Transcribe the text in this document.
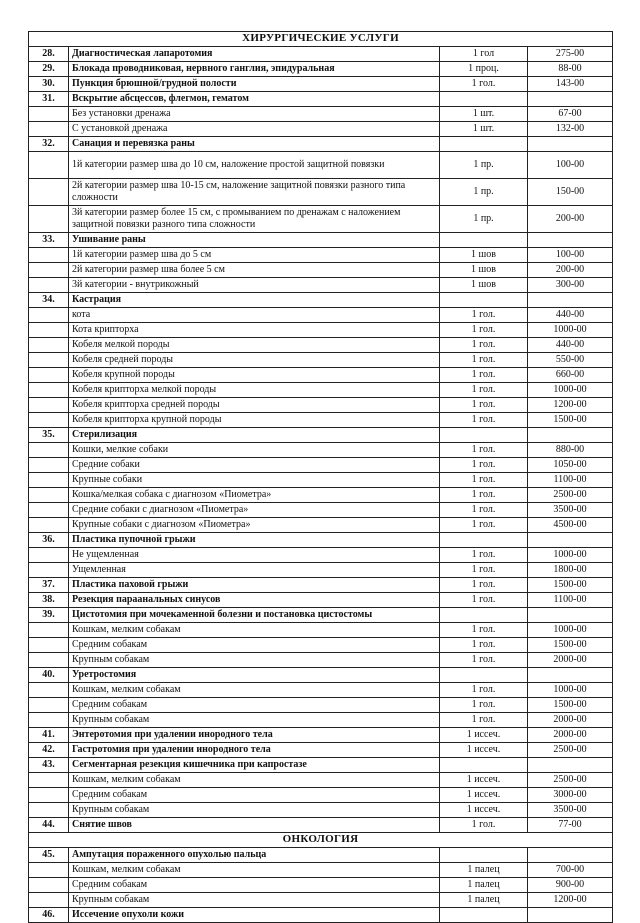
ХИРУРГИЧЕСКИЕ УСЛУГИ			
28.	Диагностическая лапаротомия	1 гол	275-00
29.	Блокада проводниковая, нервного ганглия, эпидуральная	1 проц.	88-00
30.	Пункция брюшной/грудной полости	1 гол.	143-00
31.	Вскрытие абсцессов, флегмон, гематом		
	Без установки дренажа	1 шт.	67-00
	С установкой дренажа	1 шт.	132-00
32.	Санация и перевязка раны		
	1й категории размер шва до 10 см, наложение простой защитной повязки	1 пр.	100-00
	2й категории размер шва 10-15 см, наложение защитной повязки разного типа сложности	1 пр.	150-00
	3й категории размер более 15 см, с промыванием по дренажам с наложением защитной повязки разного типа сложности	1 пр.	200-00
33.	Ушивание раны		
	1й категории размер шва до 5 см	1 шов	100-00
	2й категории размер шва более 5 см	1 шов	200-00
	3й категории - внутрикожный	1 шов	300-00
34.	Кастрация		
	кота	1 гол.	440-00
	Кота крипторха	1 гол.	1000-00
	Кобеля мелкой породы	1 гол.	440-00
	Кобеля средней породы	1 гол.	550-00
	Кобеля крупной породы	1 гол.	660-00
	Кобеля крипторха мелкой породы	1 гол.	1000-00
	Кобеля крипторха средней породы	1 гол.	1200-00
	Кобеля крипторха крупной породы	1 гол.	1500-00
35.	Стерилизация		
	Кошки, мелкие собаки	1 гол.	880-00
	Средние собаки	1 гол.	1050-00
	Крупные собаки	1 гол.	1100-00
	Кошка/мелкая собака с диагнозом «Пиометра»	1 гол.	2500-00
	Средние собаки с диагнозом «Пиометра»	1 гол.	3500-00
	Крупные собаки с диагнозом «Пиометра»	1 гол.	4500-00
36.	Пластика пупочной грыжи		
	Не ущемленная	1 гол.	1000-00
	Ущемленная	1 гол.	1800-00
37.	Пластика паховой грыжи	1 гол.	1500-00
38.	Резекция параанальных синусов	1 гол.	1100-00
39.	Цистотомия при мочекаменной болезни и постановка цистостомы		
	Кошкам, мелким собакам	1 гол.	1000-00
	Средним собакам	1 гол.	1500-00
	Крупным собакам	1 гол.	2000-00
40.	Уретростомия		
	Кошкам, мелким собакам	1 гол.	1000-00
	Средним собакам	1 гол.	1500-00
	Крупным собакам	1 гол.	2000-00
41.	Энтеротомия при удалении инородного тела	1 иссеч.	2000-00
42.	Гастротомия при удалении инородного тела	1 иссеч.	2500-00
43.	Сегментарная резекция кишечника при капростазе		
	Кошкам, мелким собакам	1 иссеч.	2500-00
	Средним собакам	1 иссеч.	3000-00
	Крупным собакам	1 иссеч.	3500-00
44.	Снятие швов	1 гол.	77-00
ОНКОЛОГИЯ			
45.	Ампутация пораженного опухолью пальца		
	Кошкам, мелким собакам	1 палец	700-00
	Средним собакам	1 палец	900-00
	Крупным собакам	1 палец	1200-00
46.	Иссечение опухоли кожи		
